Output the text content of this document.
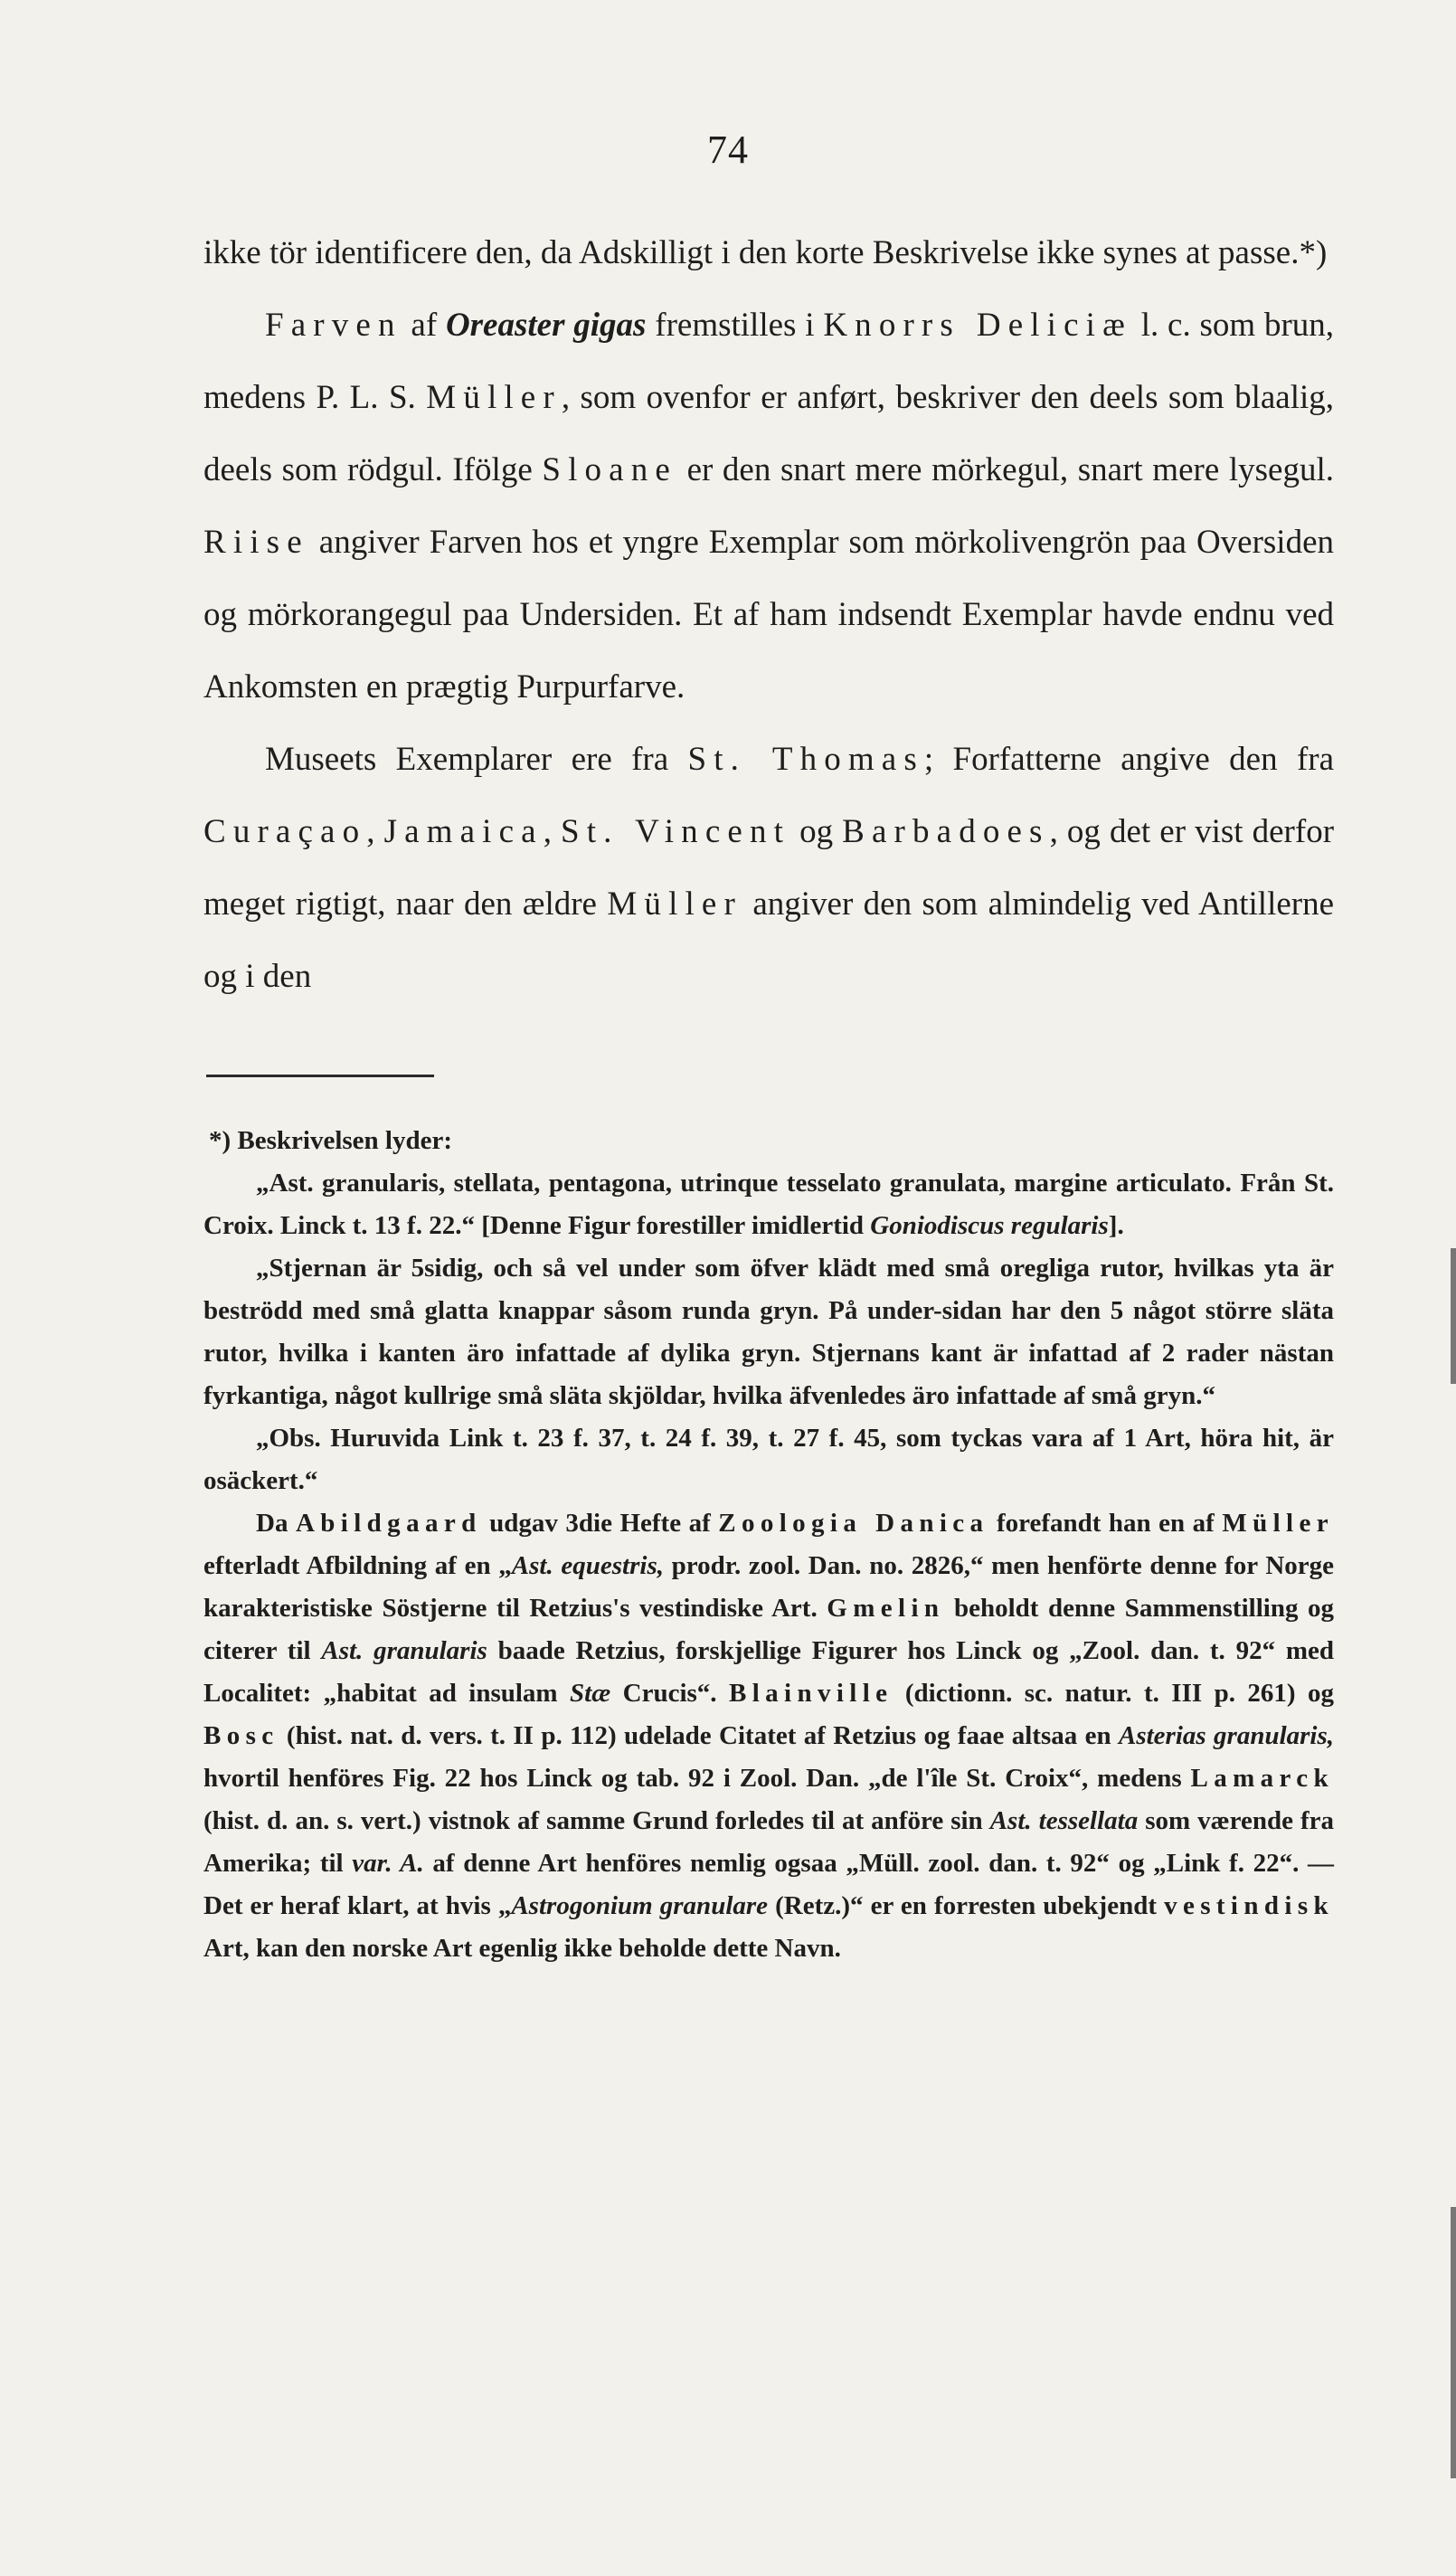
74

ikke tör identificere den, da Adskilligt i den korte Beskrivelse ikke synes at passe.*)

Farven af Oreaster gigas fremstilles i Knorrs Deliciæ l. c. som brun, medens P. L. S. Müller, som ovenfor er anført, beskriver den deels som blaalig, deels som rödgul. Ifölge Sloane er den snart mere mörkegul, snart mere lysegul. Riise angiver Farven hos et yngre Exemplar som mörkolivengrön paa Oversiden og mörkorangegul paa Undersiden. Et af ham indsendt Exemplar havde endnu ved Ankomsten en prægtig Purpurfarve.

Museets Exemplarer ere fra St. Thomas; Forfatterne angive den fra Curaçao, Jamaica, St. Vincent og Barbadoes, og det er vist derfor meget rigtigt, naar den ældre Müller angiver den som almindelig ved Antillerne og i den

*) Beskrivelsen lyder:

„Ast. granularis, stellata, pentagona, utrinque tesselato granulata, margine articulato. Från St. Croix. Linck t. 13 f. 22.“ [Denne Figur forestiller imidlertid Goniodiscus regularis].

„Stjernan är 5sidig, och så vel under som öfver klädt med små oregliga rutor, hvilkas yta är beströdd med små glatta knappar såsom runda gryn. På under-sidan har den 5 något större släta rutor, hvilka i kanten äro infattade af dylika gryn. Stjernans kant är infattad af 2 rader nästan fyrkantiga, något kullrige små släta skjöldar, hvilka äfvenledes äro infattade af små gryn.“

„Obs. Huruvida Link t. 23 f. 37, t. 24 f. 39, t. 27 f. 45, som tyckas vara af 1 Art, höra hit, är osäckert.“

Da Abildgaard udgav 3die Hefte af Zoologia Danica forefandt han en af Müller efterladt Afbildning af en „Ast. equestris, prodr. zool. Dan. no. 2826,“ men henförte denne for Norge karakteristiske Söstjerne til Retzius's vestindiske Art. Gmelin beholdt denne Sammenstilling og citerer til Ast. granularis baade Retzius, forskjellige Figurer hos Linck og „Zool. dan. t. 92“ med Localitet: „habitat ad insulam Stæ Crucis“. Blainville (dictionn. sc. natur. t. III p. 261) og Bosc (hist. nat. d. vers. t. II p. 112) udelade Citatet af Retzius og faae altsaa en Asterias granularis, hvortil henföres Fig. 22 hos Linck og tab. 92 i Zool. Dan. „de l'île St. Croix“, medens Lamarck (hist. d. an. s. vert.) vistnok af samme Grund forledes til at anföre sin Ast. tessellata som værende fra Amerika; til var. A. af denne Art henföres nemlig ogsaa „Müll. zool. dan. t. 92“ og „Link f. 22“. — Det er heraf klart, at hvis „Astrogonium granulare (Retz.)“ er en forresten ubekjendt vestindisk Art, kan den norske Art egenlig ikke beholde dette Navn.
